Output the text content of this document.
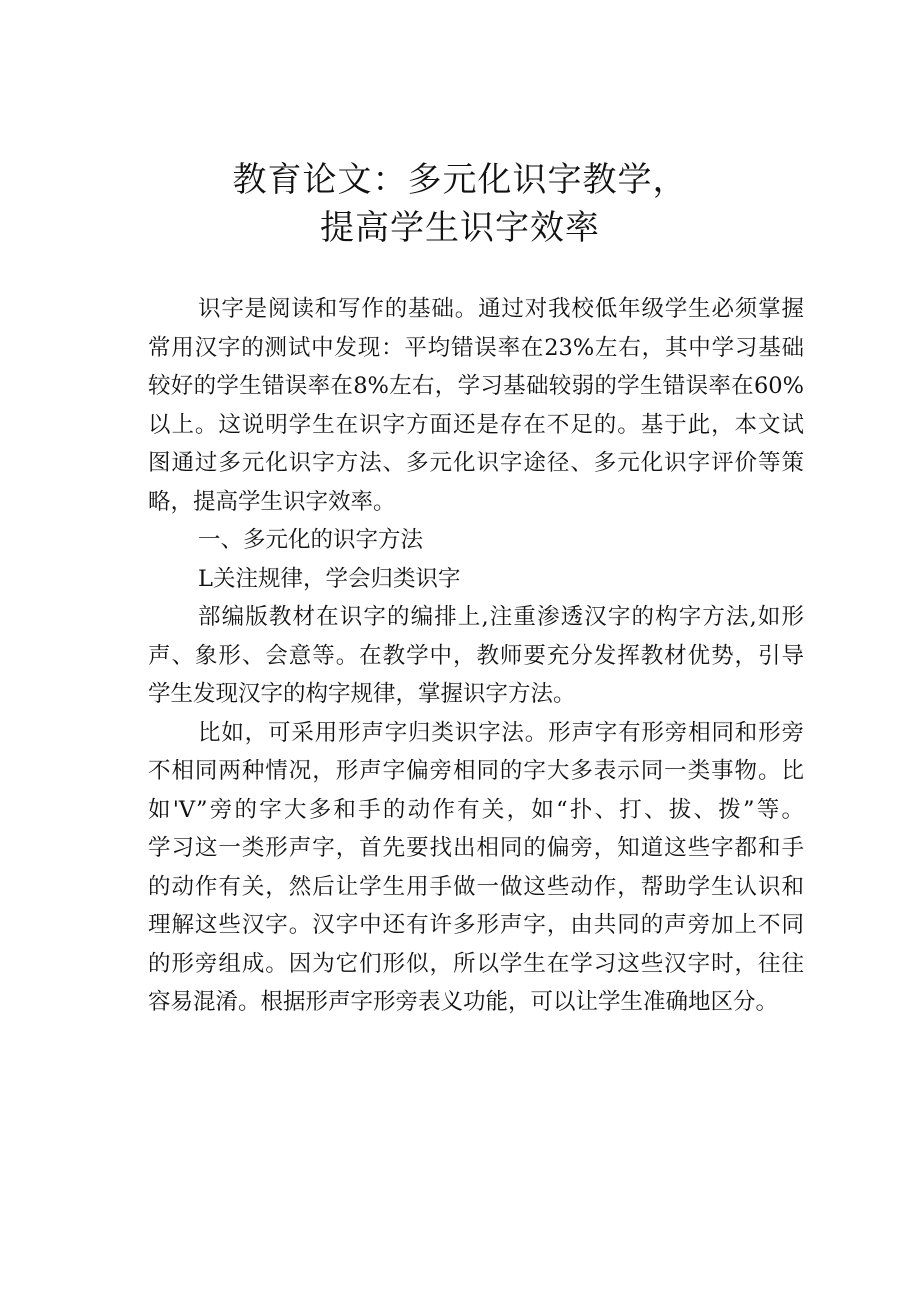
教育论文：多元化识字教学，
提高学生识字效率
识字是阅读和写作的基础。通过对我校低年级学生必须掌握
常用汉字的测试中发现：平均错误率在23%左右，其中学习基础
较好的学生错误率在8%左右，学习基础较弱的学生错误率在60%
以上。这说明学生在识字方面还是存在不足的。基于此，本文试
图通过多元化识字方法、多元化识字途径、多元化识字评价等策
略，提高学生识字效率。
一、多元化的识字方法
L关注规律，学会归类识字
部编版教材在识字的编排上,注重渗透汉字的构字方法,如形
声、象形、会意等。在教学中，教师要充分发挥教材优势，引导
学生发现汉字的构字规律，掌握识字方法。
比如，可采用形声字归类识字法。形声字有形旁相同和形旁
不相同两种情况，形声字偏旁相同的字大多表示同一类事物。比
如'V”旁的字大多和手的动作有关，如“扑、打、拔、拨”等。
学习这一类形声字，首先要找出相同的偏旁，知道这些字都和手
的动作有关，然后让学生用手做一做这些动作，帮助学生认识和
理解这些汉字。汉字中还有许多形声字，由共同的声旁加上不同
的形旁组成。因为它们形似，所以学生在学习这些汉字时，往往
容易混淆。根据形声字形旁表义功能，可以让学生准确地区分。
